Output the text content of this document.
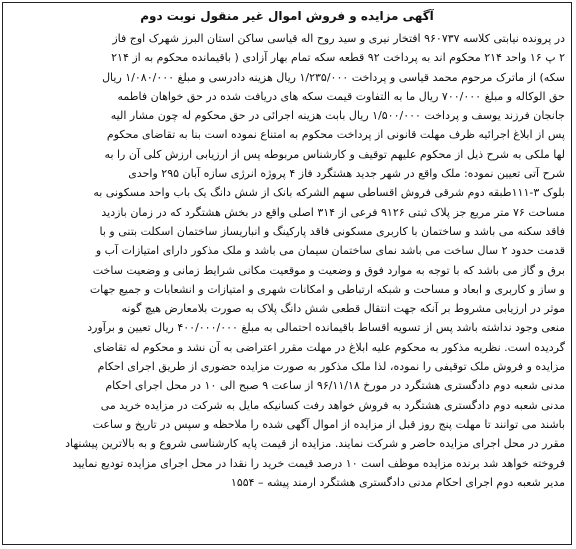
آگهی مزایده و فروش اموال غیر منقول نوبت دوم
در پرونده نیابتی کلاسه ۹۶۰۷۳۷ افتخار نیری و سید روح اله قیاسی ساکن استان البرز شهرک اوج فاز
۲ پ ۱۶ واحد ۲۱۴ محکوم اند به پرداخت ۹۲ قطعه سکه تمام بهار آزادی ( باقیمانده محکوم به از ۲۱۴
سکه) از ماترک مرحوم محمد قیاسی و پرداخت ۱/۲۳۵/۰۰۰ ریال هزینه دادرسی و مبلغ ۱/۰۸۰/۰۰۰ ریال
حق الوکاله و مبلغ ۷۰۰/۰۰۰ ریال ما به التفاوت قیمت سکه های دریافت شده در حق خواهان فاطمه
جانجان فرزند یوسف و پرداخت ۱/۵۰۰/۰۰۰ ریال بابت هزینه اجرائی در حق محکوم له چون مشار الیه
پس از ابلاغ اجرائیه ظرف مهلت قانونی از پرداخت محکوم به امتناع نموده است بنا به تقاضای محکوم
لها ملکی به شرح ذیل از محکوم علیهم توقیف و کارشناس مربوطه پس از ارزیابی ارزش کلی آن را به
شرح آتی تعیین نموده: ملک واقع در شهر جدید هشتگرد فاز ۴ پروژه انرژی سازه آبان ۲۹۵ واحدی
بلوک ۳-۱۱۱طبقه دوم شرقی فروش اقساطی سهم الشرکه بانک از شش دانگ یک باب واحد مسکونی به
مساحت ۷۶ متر مربع جز پلاک ثبتی ۹۱۲۶ فرعی از ۳۱۴ اصلی واقع در بخش هشتگرد که در زمان بازدید
فاقد سکنه می باشد و ساختمان با کاربری مسکونی فاقد پارکینگ و انباریساز ساختمان اسکلت بتنی و با
قدمت حدود ۲ سال ساخت می باشد نمای ساختمان سیمان می باشد و ملک مذکور دارای امتیازات آب و
برق و گاز می باشد که با توجه به موارد فوق و وضعیت و موقعیت مکانی شرایط زمانی و وضعیت ساخت
و ساز و کاربری و ابعاد و مساحت و شبکه ارتباطی و امکانات شهری و امتیازات و انشعابات و جمیع جهات
موثر در ارزیابی مشروط بر آنکه جهت انتقال قطعی شش دانگ پلاک به صورت بلامعارض هیچ گونه
منعی وجود نداشته باشد پس از تسویه اقساط باقیمانده احتمالی به مبلغ ۴۰۰/۰۰۰/۰۰۰ ریال تعیین و برآورد
گردیده است. نظریه مذکور به محکوم علیه ابلاغ در مهلت مقرر اعتراضی به آن نشد و محکوم له تقاضای
مزایده و فروش ملک توقیفی را نموده، لذا ملک مذکور به صورت مزایده حضوری از طریق اجرای احکام
مدنی شعبه دوم دادگستری هشتگرد در مورخ ۹۶/۱۱/۱۸ از ساعت ۹ صبح الی ۱۰ در محل اجرای احکام
مدنی شعبه دوم دادگستری هشتگرد به فروش خواهد رفت کسانیکه مایل به شرکت در مزایده خرید می
باشند می توانند تا مهلت پنج روز قبل از مزایده از اموال آگهی شده را ملاحظه و سپس در تاریخ و ساعت
مقرر در محل اجرای مزایده حاضر و شرکت نمایند. مزایده از قیمت پایه کارشناسی شروع و به بالاترین پیشنهاد
فروخته خواهد شد برنده مزایده موظف است ۱۰ درصد قیمت خرید را نقدا در محل اجرای مزایده تودیع نمایید
مدیر شعبه دوم اجرای احکام مدنی دادگستری هشتگرد ارمند پیشه – ۱۵۵۴
